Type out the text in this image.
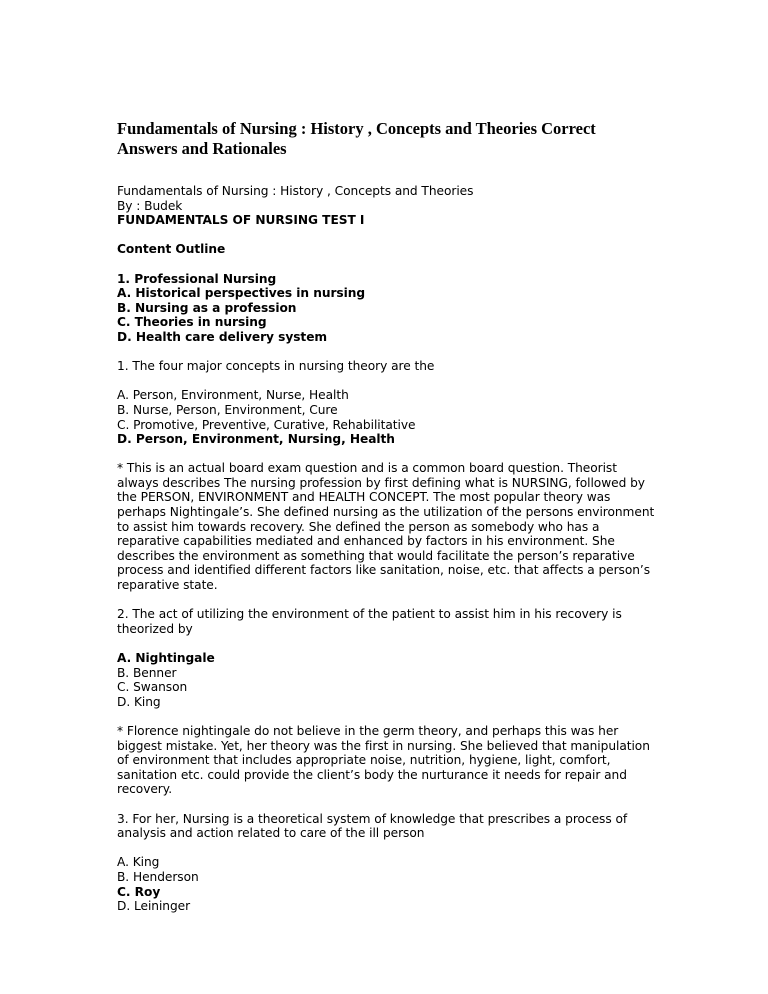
Fundamentals of Nursing : History , Concepts and Theories Correct Answers and Rationales
Fundamentals of Nursing : History , Concepts and Theories
By : Budek
FUNDAMENTALS OF NURSING TEST I
Content Outline
1. Professional Nursing
A. Historical perspectives in nursing
B. Nursing as a profession
C. Theories in nursing
D. Health care delivery system

1. The four major concepts in nursing theory are the

A. Person, Environment, Nurse, Health
B. Nurse, Person, Environment, Cure
C. Promotive, Preventive, Curative, Rehabilitative
D. Person, Environment, Nursing, Health

* This is an actual board exam question and is a common board question. Theorist always describes The nursing profession by first defining what is NURSING, followed by the PERSON, ENVIRONMENT and HEALTH CONCEPT. The most popular theory was perhaps Nightingale’s. She defined nursing as the utilization of the persons environment to assist him towards recovery. She defined the person as somebody who has a reparative capabilities mediated and enhanced by factors in his environment. She describes the environment as something that would facilitate the person’s reparative process and identified different factors like sanitation, noise, etc. that affects a person’s reparative state.

2. The act of utilizing the environment of the patient to assist him in his recovery is theorized by

A. Nightingale
B. Benner
C. Swanson
D. King

* Florence nightingale do not believe in the germ theory, and perhaps this was her biggest mistake. Yet, her theory was the first in nursing. She believed that manipulation of environment that includes appropriate noise, nutrition, hygiene, light, comfort, sanitation etc. could provide the client’s body the nurturance it needs for repair and recovery.

3. For her, Nursing is a theoretical system of knowledge that prescribes a process of analysis and action related to care of the ill person

A. King
B. Henderson
C. Roy
D. Leininger
